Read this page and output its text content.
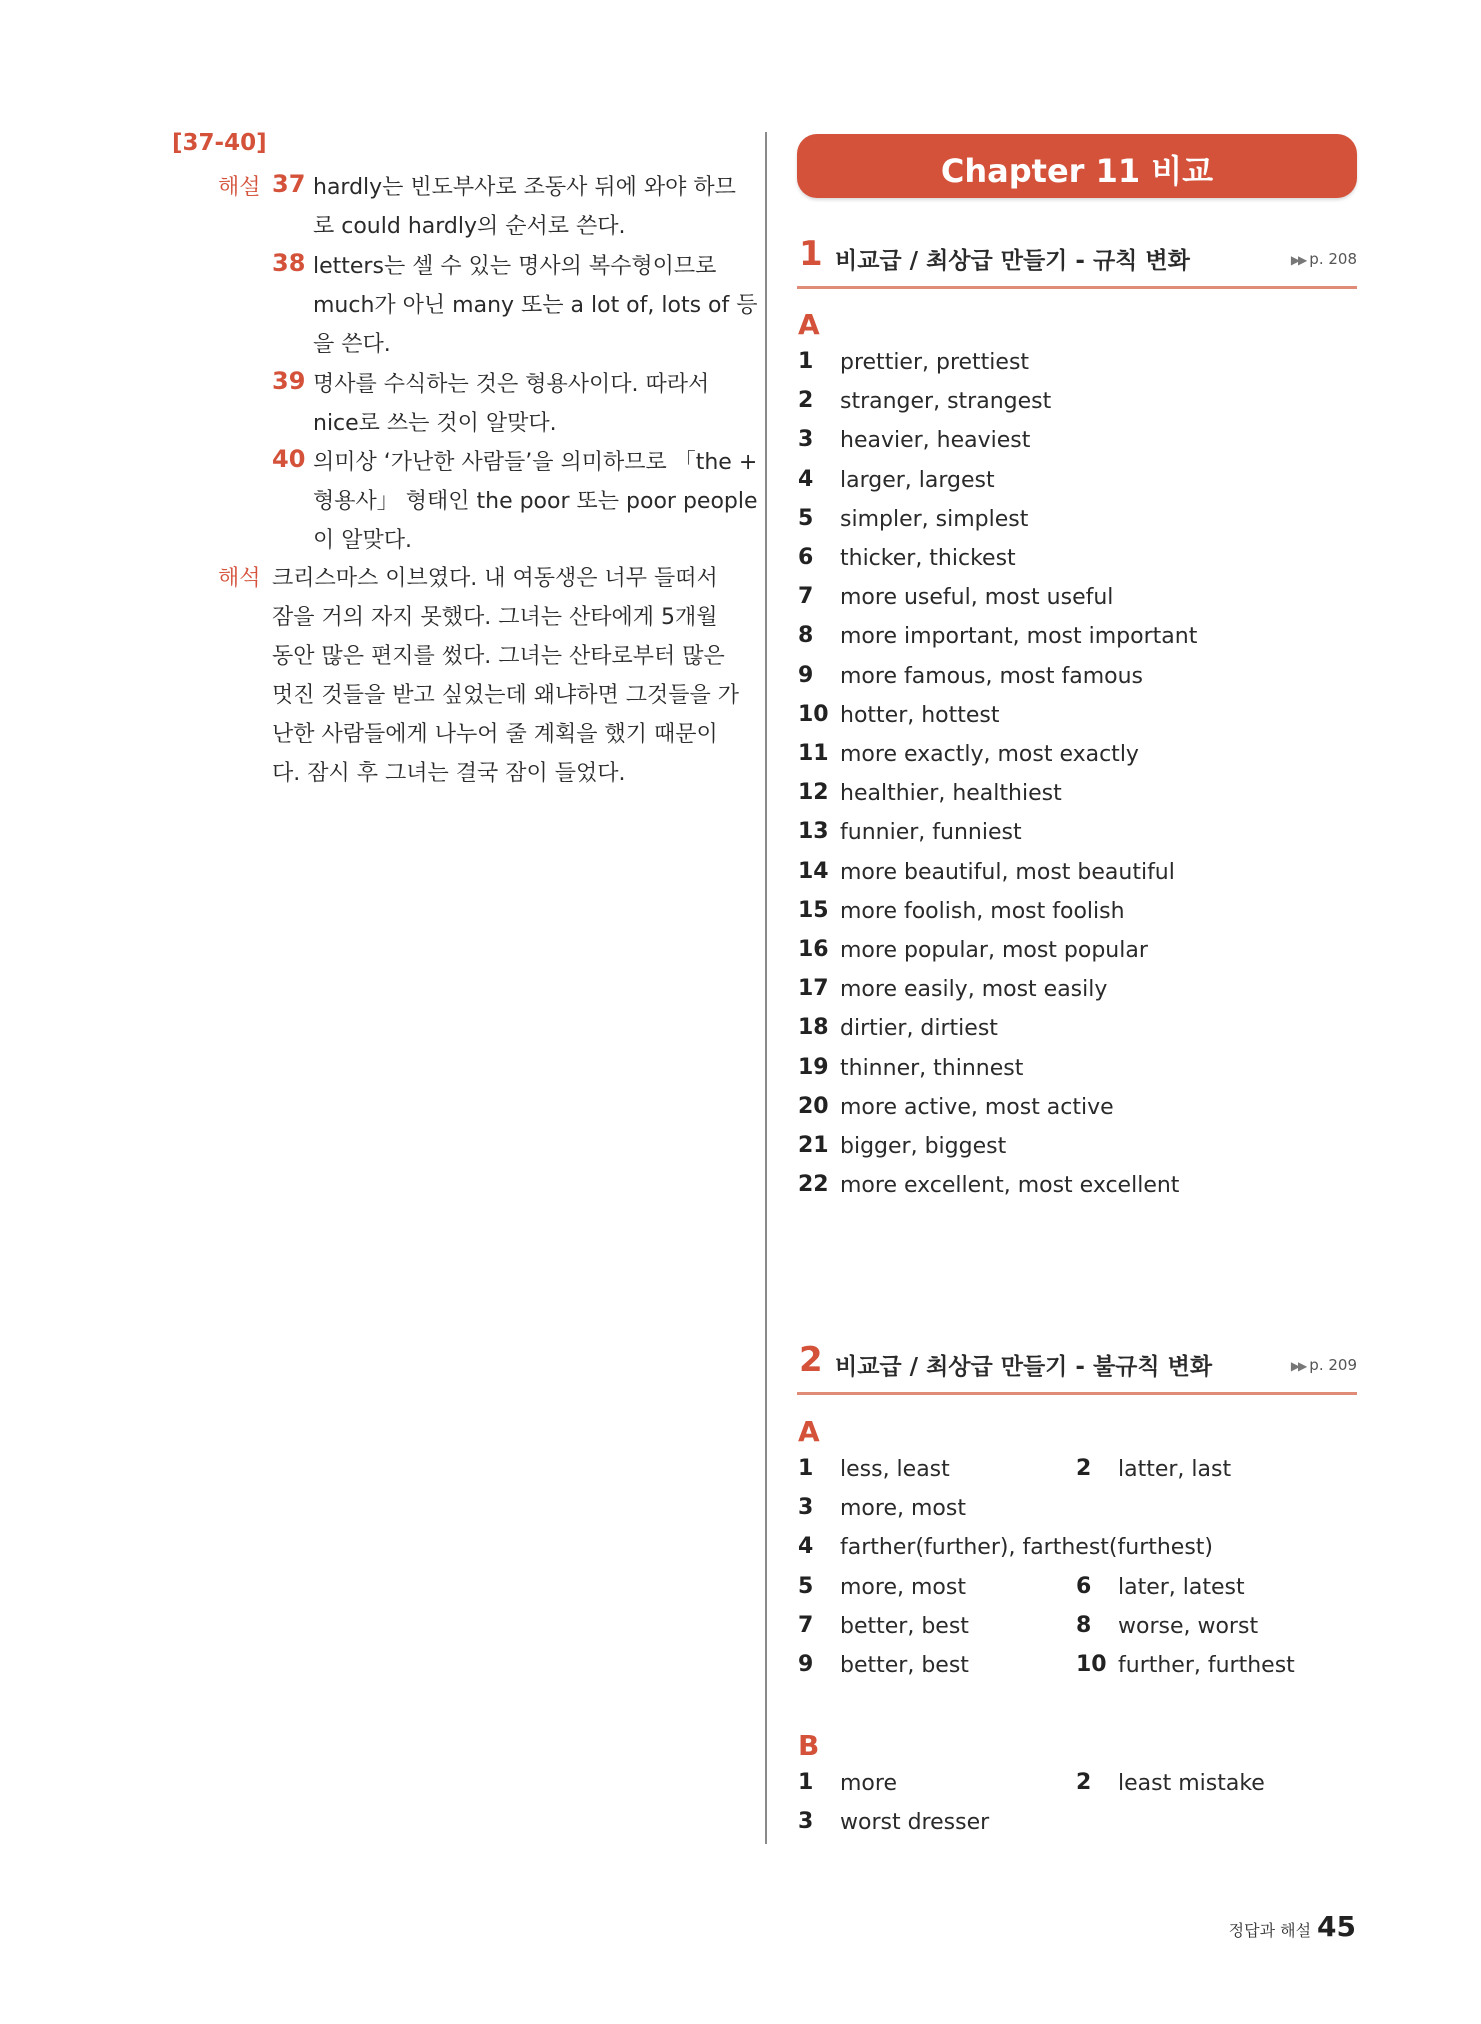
[37-40]
해설 37 hardly는 빈도부사로 조동사 뒤에 와야 하므
로 could hardly의 순서로 쓴다.
38 letters는 셀 수 있는 명사의 복수형이므로
much가 아닌 many 또는 a lot of, lots of 등
을 쓴다.
39 명사를 수식하는 것은 형용사이다. 따라서
nice로 쓰는 것이 알맞다.
40 의미상 ‘가난한 사람들’을 의미하므로 「the +
형용사」 형태인 the poor 또는 poor people
이 알맞다.
해석 크리스마스 이브였다. 내 여동생은 너무 들떠서
잠을 거의 자지 못했다. 그녀는 산타에게 5개월
동안 많은 편지를 썼다. 그녀는 산타로부터 많은
멋진 것들을 받고 싶었는데 왜냐하면 그것들을 가
난한 사람들에게 나누어 줄 계획을 했기 때문이
다. 잠시 후 그녀는 결국 잠이 들었다.
Chapter 11 비교
1 비교급 / 최상급 만들기 - 규칙 변화	▶▶ p. 208
A
1 prettier, prettiest
2 stranger, strangest
3 heavier, heaviest
4 larger, largest
5 simpler, simplest
6 thicker, thickest
7 more useful, most useful
8 more important, most important
9 more famous, most famous
10 hotter, hottest
11 more exactly, most exactly
12 healthier, healthiest
13 funnier, funniest
14 more beautiful, most beautiful
15 more foolish, most foolish
16 more popular, most popular
17 more easily, most easily
18 dirtier, dirtiest
19 thinner, thinnest
20 more active, most active
21 bigger, biggest
22 more excellent, most excellent
2 비교급 / 최상급 만들기 - 불규칙 변화	▶▶ p. 209
A
1 less, least	2 latter, last
3 more, most
4 farther(further), farthest(furthest)
5 more, most	6 later, latest
7 better, best	8 worse, worst
9 better, best	10 further, furthest
B
1 more	2 least mistake
3 worst dresser
정답과 해설 45
